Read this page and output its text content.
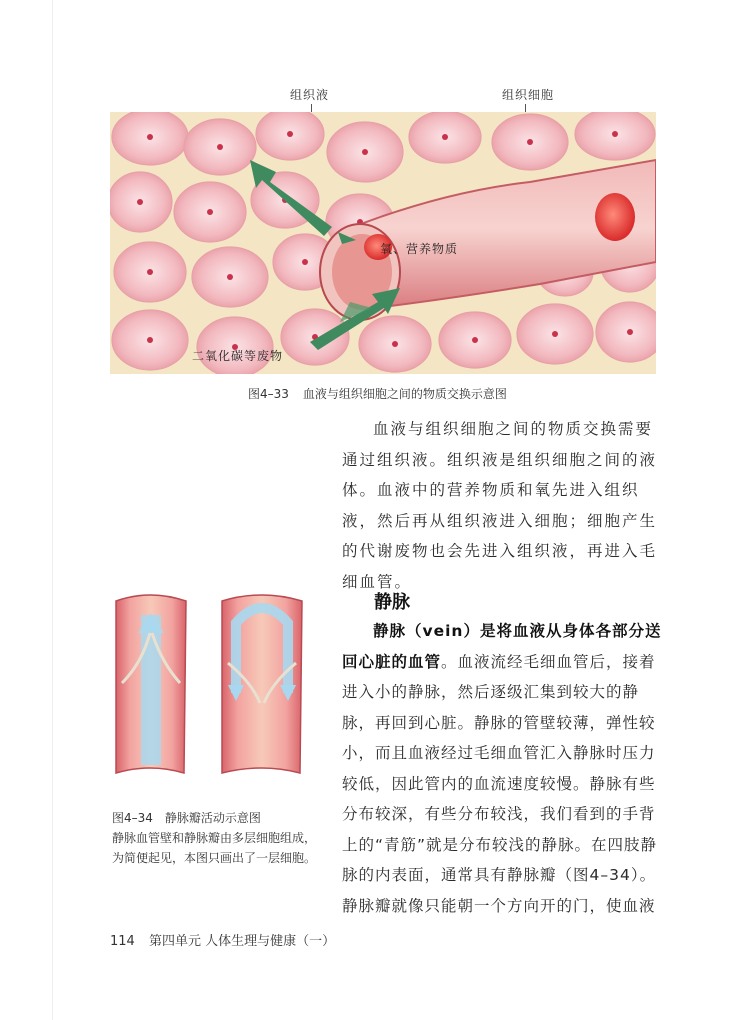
组织液	组织细胞
氧、营养物质
二氧化碳等废物
图4–33 血液与组织细胞之间的物质交换示意图

血液与组织细胞之间的物质交换需要通过组织液。组织液是组织细胞之间的液体。血液中的营养物质和氧先进入组织液，然后再从组织液进入细胞；细胞产生的代谢废物也会先进入组织液，再进入毛细血管。

图4–34 静脉瓣活动示意图
静脉血管壁和静脉瓣由多层细胞组成，为简便起见，本图只画出了一层细胞。
静脉

静脉（vein）是将血液从身体各部分送回心脏的血管。血液流经毛细血管后，接着进入小的静脉，然后逐级汇集到较大的静脉，再回到心脏。静脉的管壁较薄，弹性较小，而且血液经过毛细血管汇入静脉时压力较低，因此管内的血流速度较慢。静脉有些分布较深，有些分布较浅，我们看到的手背上的“青筋”就是分布较浅的静脉。在四肢静脉的内表面，通常具有静脉瓣（图4–34）。静脉瓣就像只能朝一个方向开的门，使血液

114 第四单元 人体生理与健康（一）
